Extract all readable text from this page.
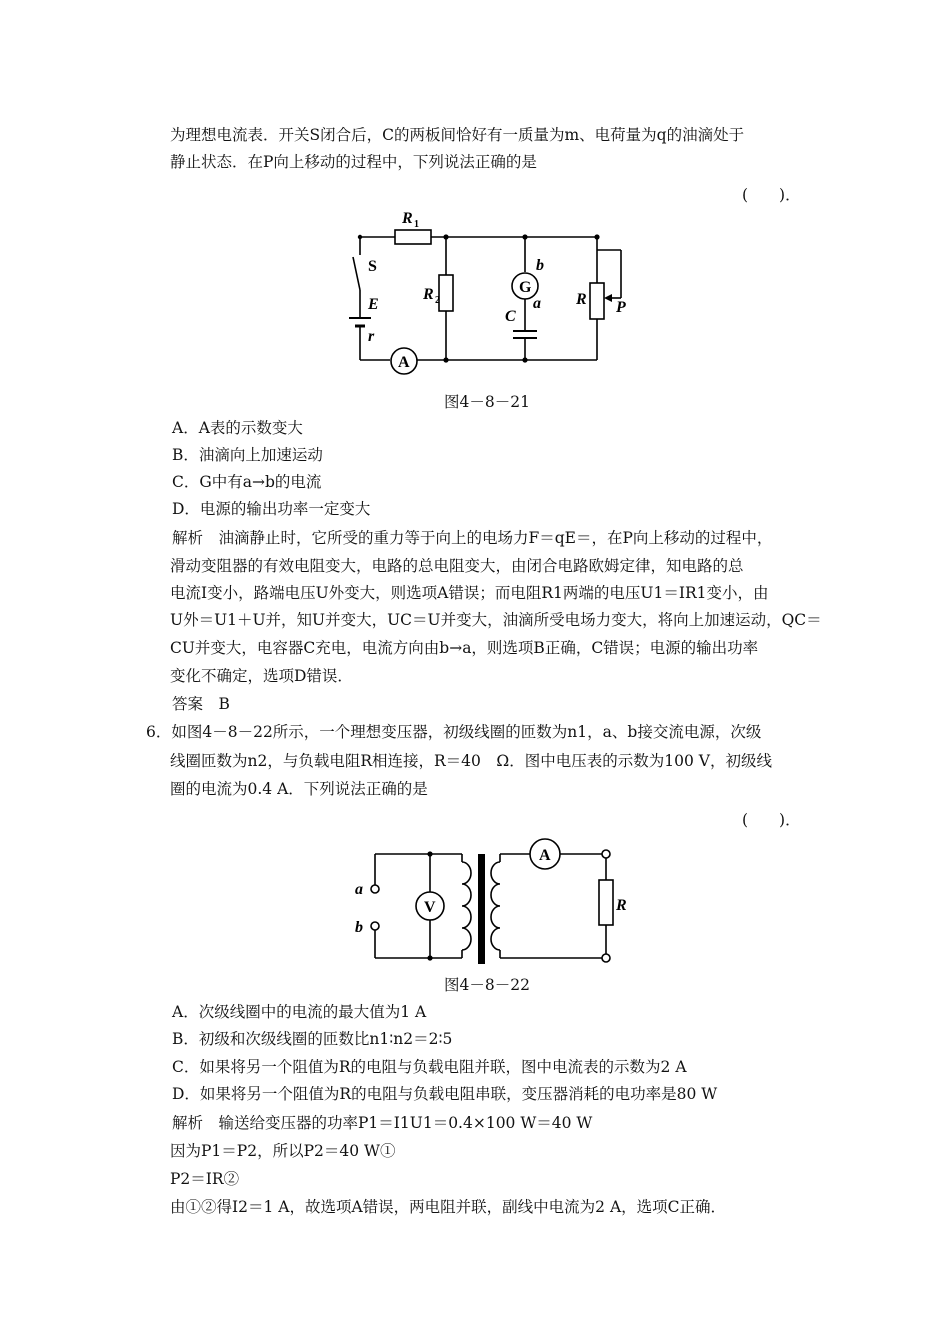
为理想电流表．开关S闭合后，C的两板间恰好有一质量为m、电荷量为q的油滴处于
静止状态．在P向上移动的过程中，下列说法正确的是
(　　)．
R 1
S
E
r
R 2
G
b
a
C
R P
A
图4－8－21
A．A表的示数变大
B．油滴向上加速运动
C．G中有a→b的电流
D．电源的输出功率一定变大
解析　油滴静止时，它所受的重力等于向上的电场力F＝qE＝，在P向上移动的过程中，
滑动变阻器的有效电阻变大，电路的总电阻变大，由闭合电路欧姆定律，知电路的总
电流I变小，路端电压U外变大，则选项A错误；而电阻R1两端的电压U1＝IR1变小，由
U外＝U1＋U并，知U并变大，UC＝U并变大，油滴所受电场力变大，将向上加速运动，QC＝
CU并变大，电容器C充电，电流方向由b→a，则选项B正确，C错误；电源的输出功率
变化不确定，选项D错误．
答案　B
6．如图4－8－22所示，一个理想变压器，初级线圈的匝数为n1，a、b接交流电源，次级
线圈匝数为n2，与负载电阻R相连接，R＝40　Ω．图中电压表的示数为100 V，初级线
圈的电流为0.4 A．下列说法正确的是
(　　)．
a
b
V
A
R
图4－8－22
A．次级线圈中的电流的最大值为1 A
B．初级和次级线圈的匝数比n1∶n2＝2∶5
C．如果将另一个阻值为R的电阻与负载电阻并联，图中电流表的示数为2 A
D．如果将另一个阻值为R的电阻与负载电阻串联，变压器消耗的电功率是80 W
解析　输送给变压器的功率P1＝I1U1＝0.4×100 W＝40 W
因为P1＝P2，所以P2＝40 W①
P2＝IR②
由①②得I2＝1 A，故选项A错误，两电阻并联，副线中电流为2 A，选项C正确．
